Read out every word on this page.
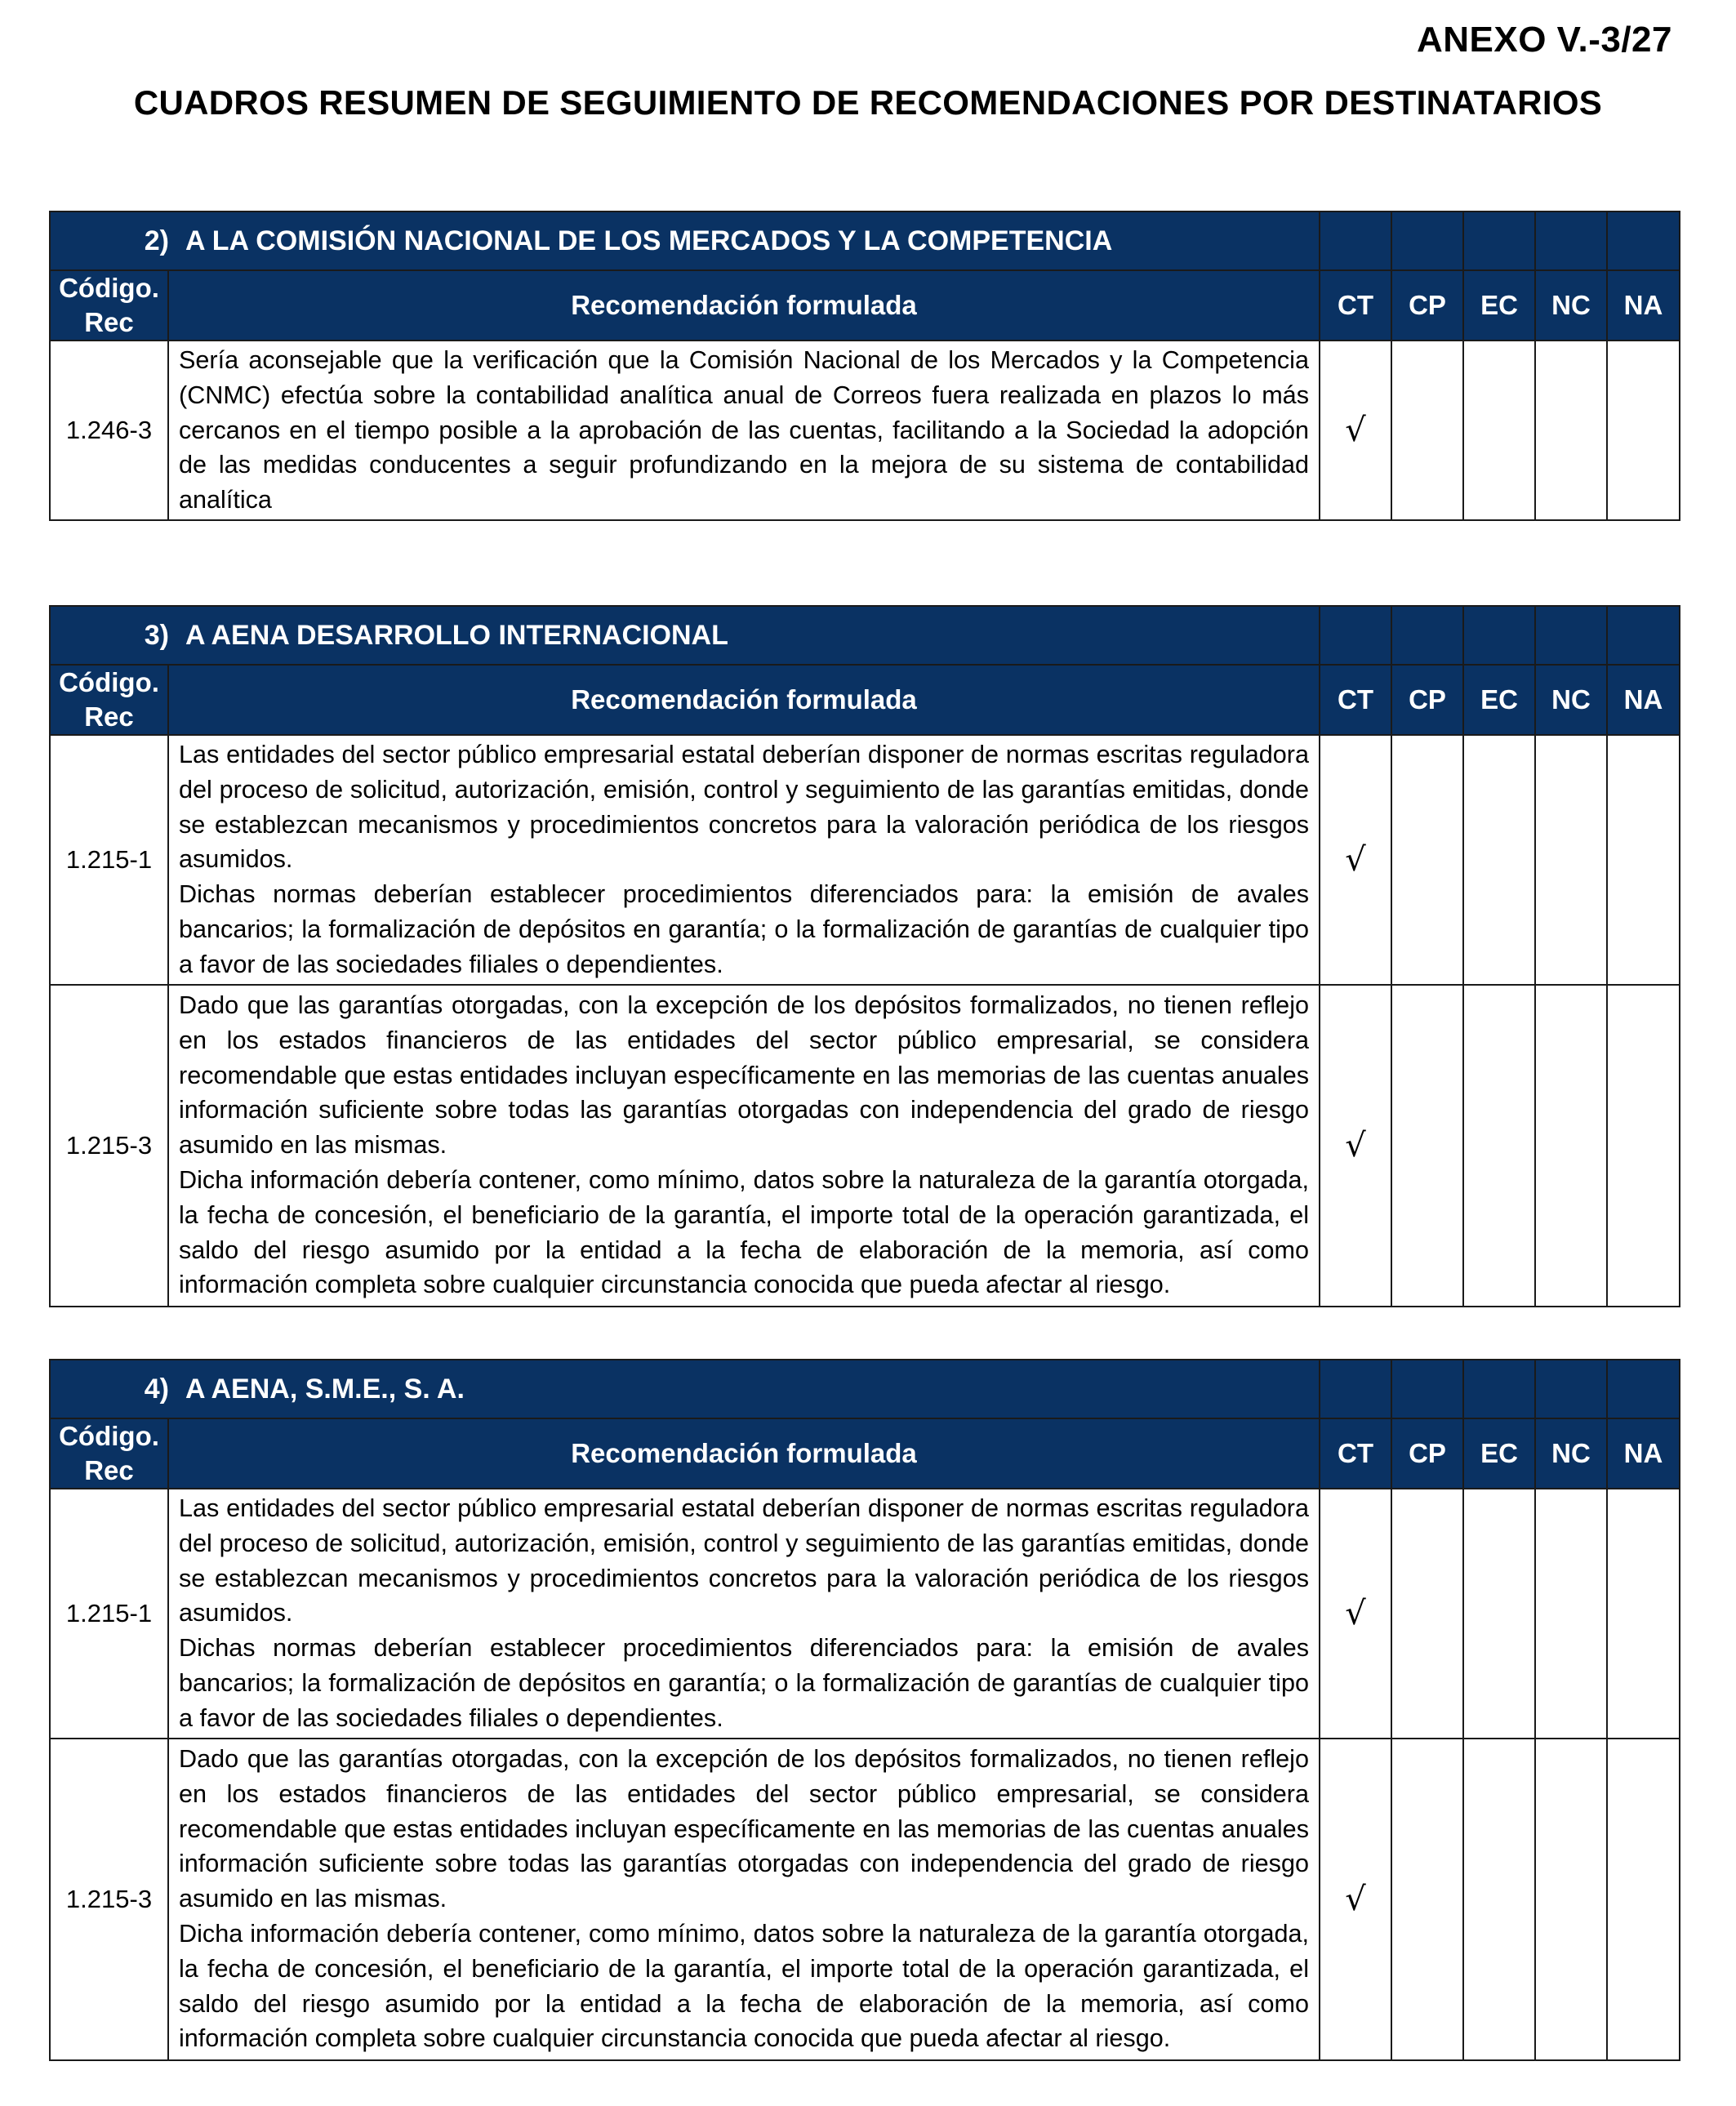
ANEXO V.-3/27
CUADROS RESUMEN DE SEGUIMIENTO DE RECOMENDACIONES POR DESTINATARIOS
2) A LA COMISIÓN NACIONAL DE LOS MERCADOS Y LA COMPETENCIA						

Código.
Rec	Recomendación formulada	CT	CP	EC	NC	NA
1.246-3	Sería aconsejable que la verificación que la Comisión Nacional de los Mercados y la Competencia (CNMC) efectúa sobre la contabilidad analítica anual de Correos fuera realizada en plazos lo más cercanos en el tiempo posible a la aprobación de las cuentas, facilitando a la Sociedad la adopción de las medidas conducentes a seguir profundizando en la mejora de su sistema de contabilidad analítica	√				
3) A AENA DESARROLLO INTERNACIONAL						

Código.
Rec	Recomendación formulada	CT	CP	EC	NC	NA
1.215-1	Las entidades del sector público empresarial estatal deberían disponer de normas escritas reguladora del proceso de solicitud, autorización, emisión, control y seguimiento de las garantías emitidas, donde se establezcan mecanismos y procedimientos concretos para la valoración periódica de los riesgos asumidos.

Dichas normas deberían establecer procedimientos diferenciados para: la emisión de avales bancarios; la formalización de depósitos en garantía; o la formalización de garantías de cualquier tipo a favor de las sociedades filiales o dependientes.	√				
1.215-3	Dado que las garantías otorgadas, con la excepción de los depósitos formalizados, no tienen reflejo en los estados financieros de las entidades del sector público empresarial, se considera recomendable que estas entidades incluyan específicamente en las memorias de las cuentas anuales información suficiente sobre todas las garantías otorgadas con independencia del grado de riesgo asumido en las mismas.

Dicha información debería contener, como mínimo, datos sobre la naturaleza de la garantía otorgada, la fecha de concesión, el beneficiario de la garantía, el importe total de la operación garantizada, el saldo del riesgo asumido por la entidad a la fecha de elaboración de la memoria, así como información completa sobre cualquier circunstancia conocida que pueda afectar al riesgo.	√				
4) A AENA, S.M.E., S. A.						

Código.
Rec	Recomendación formulada	CT	CP	EC	NC	NA
1.215-1	Las entidades del sector público empresarial estatal deberían disponer de normas escritas reguladora del proceso de solicitud, autorización, emisión, control y seguimiento de las garantías emitidas, donde se establezcan mecanismos y procedimientos concretos para la valoración periódica de los riesgos asumidos.

Dichas normas deberían establecer procedimientos diferenciados para: la emisión de avales bancarios; la formalización de depósitos en garantía; o la formalización de garantías de cualquier tipo a favor de las sociedades filiales o dependientes.	√				
1.215-3	Dado que las garantías otorgadas, con la excepción de los depósitos formalizados, no tienen reflejo en los estados financieros de las entidades del sector público empresarial, se considera recomendable que estas entidades incluyan específicamente en las memorias de las cuentas anuales información suficiente sobre todas las garantías otorgadas con independencia del grado de riesgo asumido en las mismas.

Dicha información debería contener, como mínimo, datos sobre la naturaleza de la garantía otorgada, la fecha de concesión, el beneficiario de la garantía, el importe total de la operación garantizada, el saldo del riesgo asumido por la entidad a la fecha de elaboración de la memoria, así como información completa sobre cualquier circunstancia conocida que pueda afectar al riesgo.	√				
